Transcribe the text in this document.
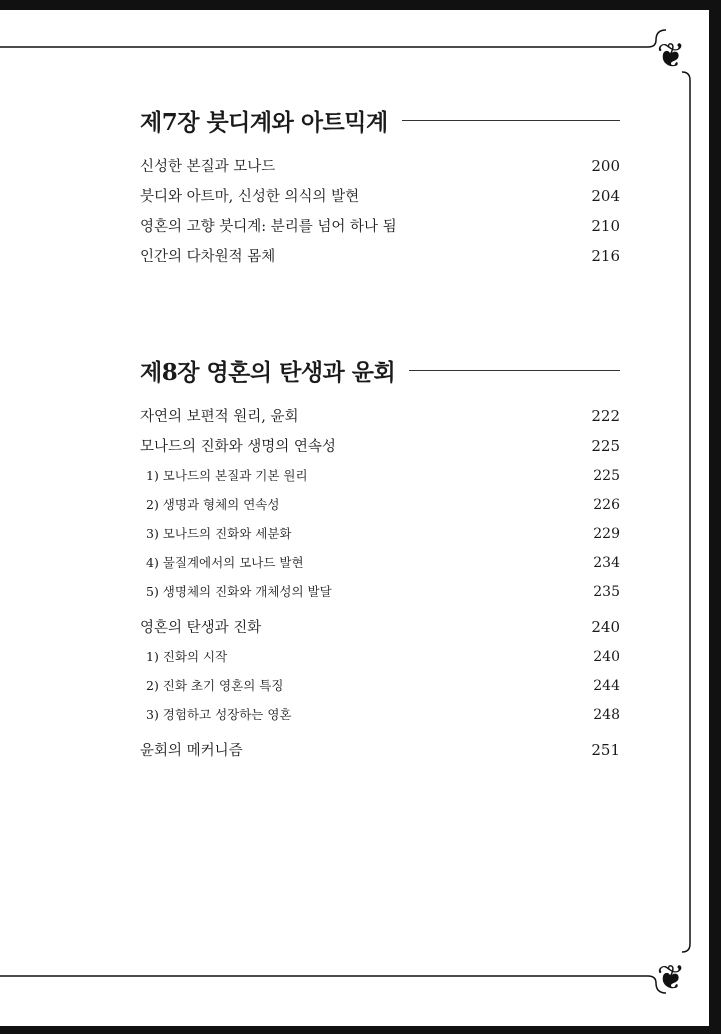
❦
❦
제7장 붓디계와 아트믹계
신성한 본질과 모나드	200
붓디와 아트마, 신성한 의식의 발현	204
영혼의 고향 붓디계: 분리를 넘어 하나 됨	210
인간의 다차원적 몸체	216
제8장 영혼의 탄생과 윤회
자연의 보편적 원리, 윤회	222
모나드의 진화와 생명의 연속성	225
1) 모나드의 본질과 기본 원리	225
2) 생명과 형체의 연속성	226
3) 모나드의 진화와 세분화	229
4) 물질계에서의 모나드 발현	234
5) 생명체의 진화와 개체성의 발달	235
영혼의 탄생과 진화	240
1) 진화의 시작	240
2) 진화 초기 영혼의 특징	244
3) 경험하고 성장하는 영혼	248
윤회의 메커니즘	251
